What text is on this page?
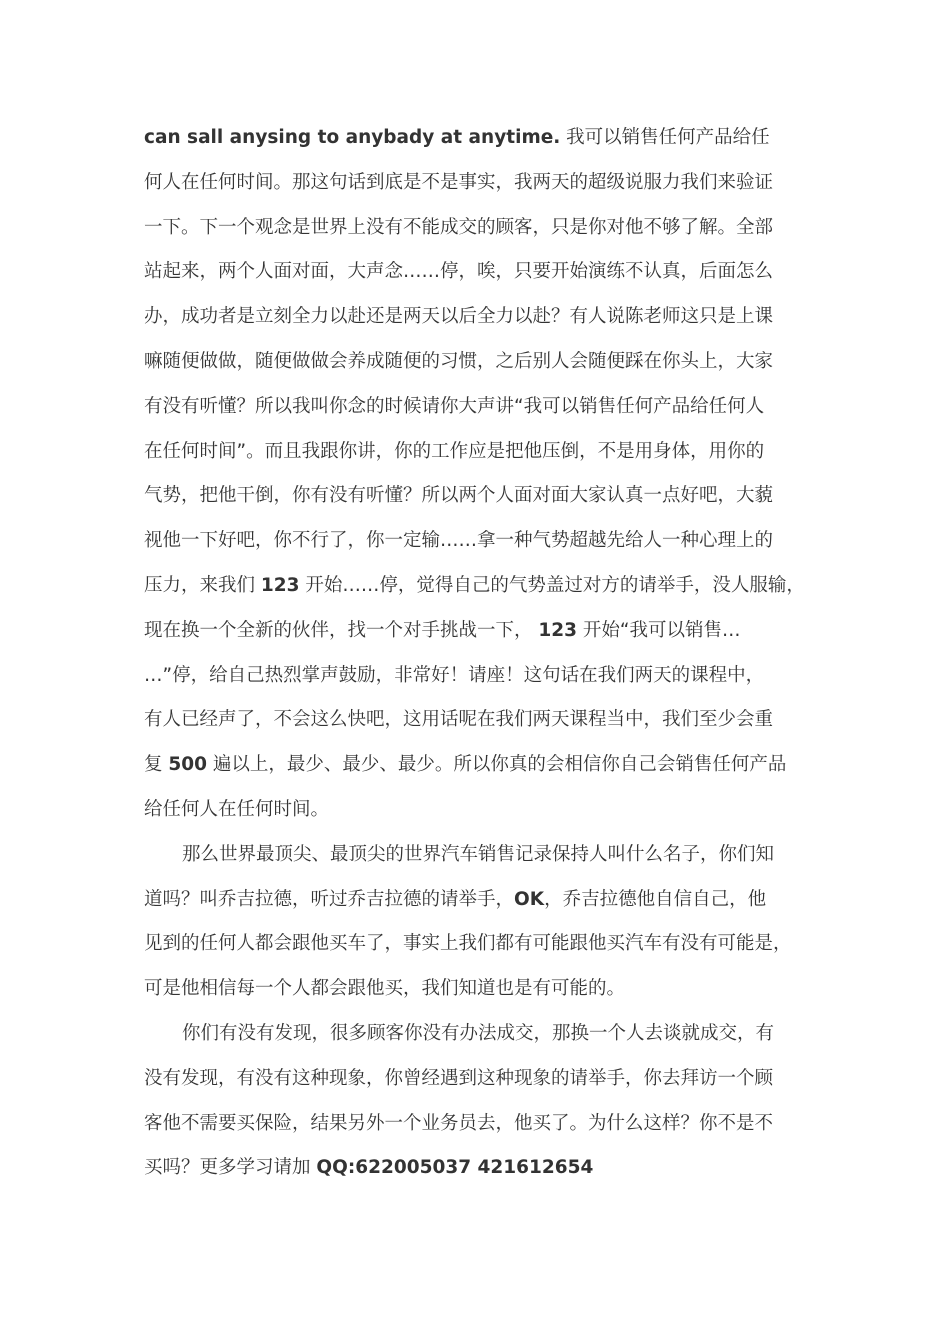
can sall anysing to anybady at anytime. 我可以销售任何产品给任
何人在任何时间。那这句话到底是不是事实，我两天的超级说服力我们来验证
一下。下一个观念是世界上没有不能成交的顾客，只是你对他不够了解。全部
站起来，两个人面对面，大声念……停，唉，只要开始演练不认真，后面怎么
办，成功者是立刻全力以赴还是两天以后全力以赴？有人说陈老师这只是上课
嘛随便做做，随便做做会养成随便的习惯，之后别人会随便踩在你头上，大家
有没有听懂？所以我叫你念的时候请你大声讲“我可以销售任何产品给任何人
在任何时间”。而且我跟你讲，你的工作应是把他压倒，不是用身体，用你的
气势，把他干倒，你有没有听懂？所以两个人面对面大家认真一点好吧，大藐
视他一下好吧，你不行了，你一定输……拿一种气势超越先给人一种心理上的
压力，来我们 123 开始……停，觉得自己的气势盖过对方的请举手，没人服输，
现在换一个全新的伙伴，找一个对手挑战一下， 123 开始“我可以销售…
…”停，给自己热烈掌声鼓励，非常好！请座！这句话在我们两天的课程中，
有人已经声了，不会这么快吧，这用话呢在我们两天课程当中，我们至少会重
复 500 遍以上，最少、最少、最少。所以你真的会相信你自己会销售任何产品
给任何人在任何时间。
那么世界最顶尖、最顶尖的世界汽车销售记录保持人叫什么名子，你们知
道吗？叫乔吉拉德，听过乔吉拉德的请举手，OK，乔吉拉德他自信自己，他
见到的任何人都会跟他买车了，事实上我们都有可能跟他买汽车有没有可能是，
可是他相信每一个人都会跟他买，我们知道也是有可能的。
你们有没有发现，很多顾客你没有办法成交，那换一个人去谈就成交，有
没有发现，有没有这种现象，你曾经遇到这种现象的请举手，你去拜访一个顾
客他不需要买保险，结果另外一个业务员去，他买了。为什么这样？你不是不
买吗？更多学习请加 QQ:622005037 421612654
